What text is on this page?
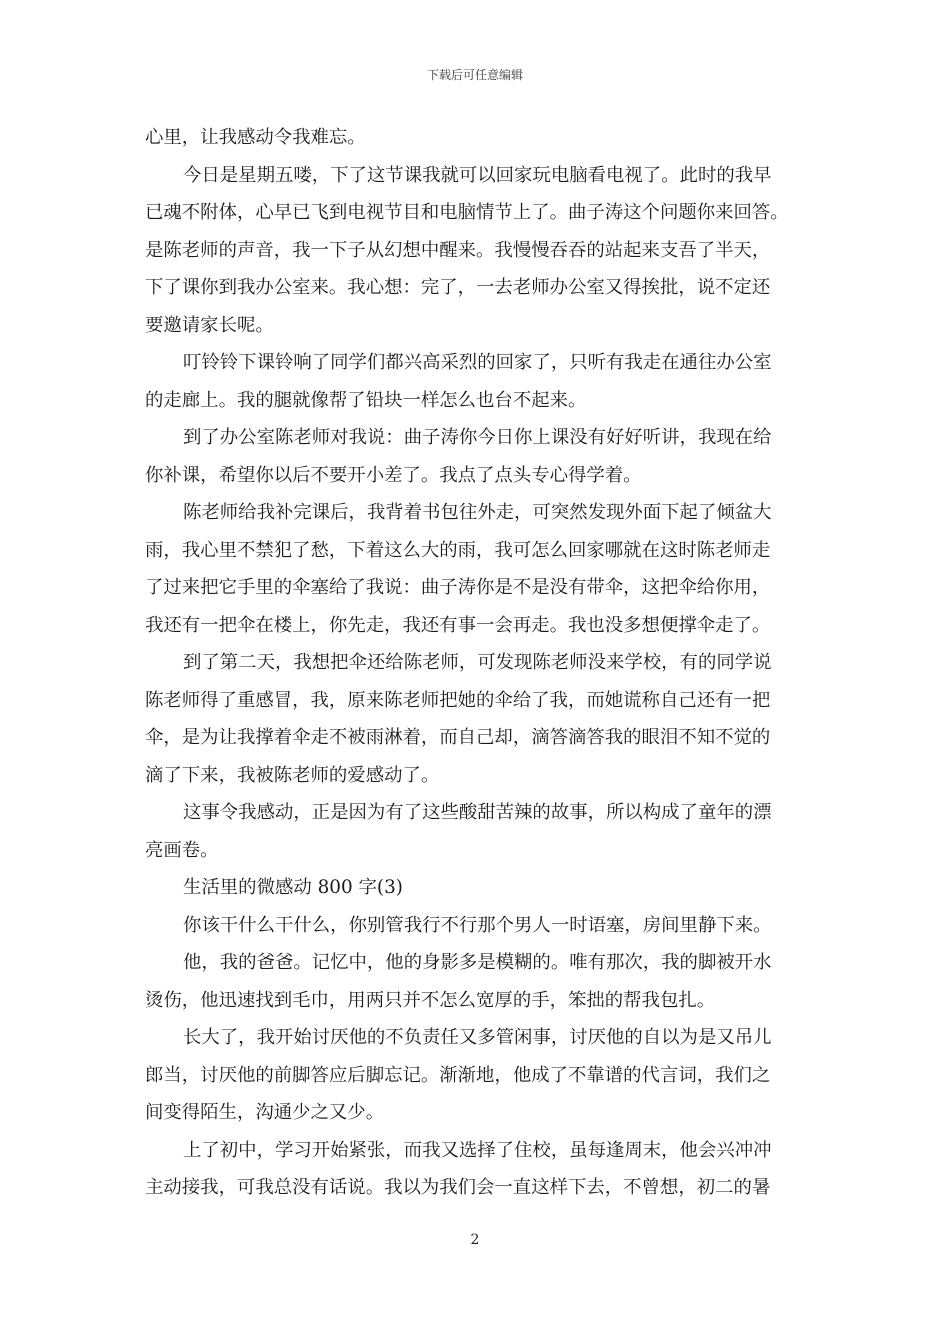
下载后可任意编辑
心里，让我感动令我难忘。
今日是星期五喽，下了这节课我就可以回家玩电脑看电视了。此时的我早
已魂不附体，心早已飞到电视节目和电脑情节上了。曲子涛这个问题你来回答。
是陈老师的声音，我一下子从幻想中醒来。我慢慢吞吞的站起来支吾了半天，
下了课你到我办公室来。我心想：完了，一去老师办公室又得挨批，说不定还
要邀请家长呢。
叮铃铃下课铃响了同学们都兴高采烈的回家了，只听有我走在通往办公室
的走廊上。我的腿就像帮了铅块一样怎么也台不起来。
到了办公室陈老师对我说：曲子涛你今日你上课没有好好听讲，我现在给
你补课，希望你以后不要开小差了。我点了点头专心得学着。
陈老师给我补完课后，我背着书包往外走，可突然发现外面下起了倾盆大
雨，我心里不禁犯了愁，下着这么大的雨，我可怎么回家哪就在这时陈老师走
了过来把它手里的伞塞给了我说：曲子涛你是不是没有带伞，这把伞给你用，
我还有一把伞在楼上，你先走，我还有事一会再走。我也没多想便撑伞走了。
到了第二天，我想把伞还给陈老师，可发现陈老师没来学校，有的同学说
陈老师得了重感冒，我，原来陈老师把她的伞给了我，而她谎称自己还有一把
伞，是为让我撑着伞走不被雨淋着，而自己却，滴答滴答我的眼泪不知不觉的
滴了下来，我被陈老师的爱感动了。
这事令我感动，正是因为有了这些酸甜苦辣的故事，所以构成了童年的漂
亮画卷。
生活里的微感动 800 字(3)
你该干什么干什么，你别管我行不行那个男人一时语塞，房间里静下来。
他，我的爸爸。记忆中，他的身影多是模糊的。唯有那次，我的脚被开水
烫伤，他迅速找到毛巾，用两只并不怎么宽厚的手，笨拙的帮我包扎。
长大了，我开始讨厌他的不负责任又多管闲事，讨厌他的自以为是又吊儿
郎当，讨厌他的前脚答应后脚忘记。渐渐地，他成了不靠谱的代言词，我们之
间变得陌生，沟通少之又少。
上了初中，学习开始紧张，而我又选择了住校，虽每逢周末，他会兴冲冲
主动接我，可我总没有话说。我以为我们会一直这样下去，不曾想，初二的暑
2
